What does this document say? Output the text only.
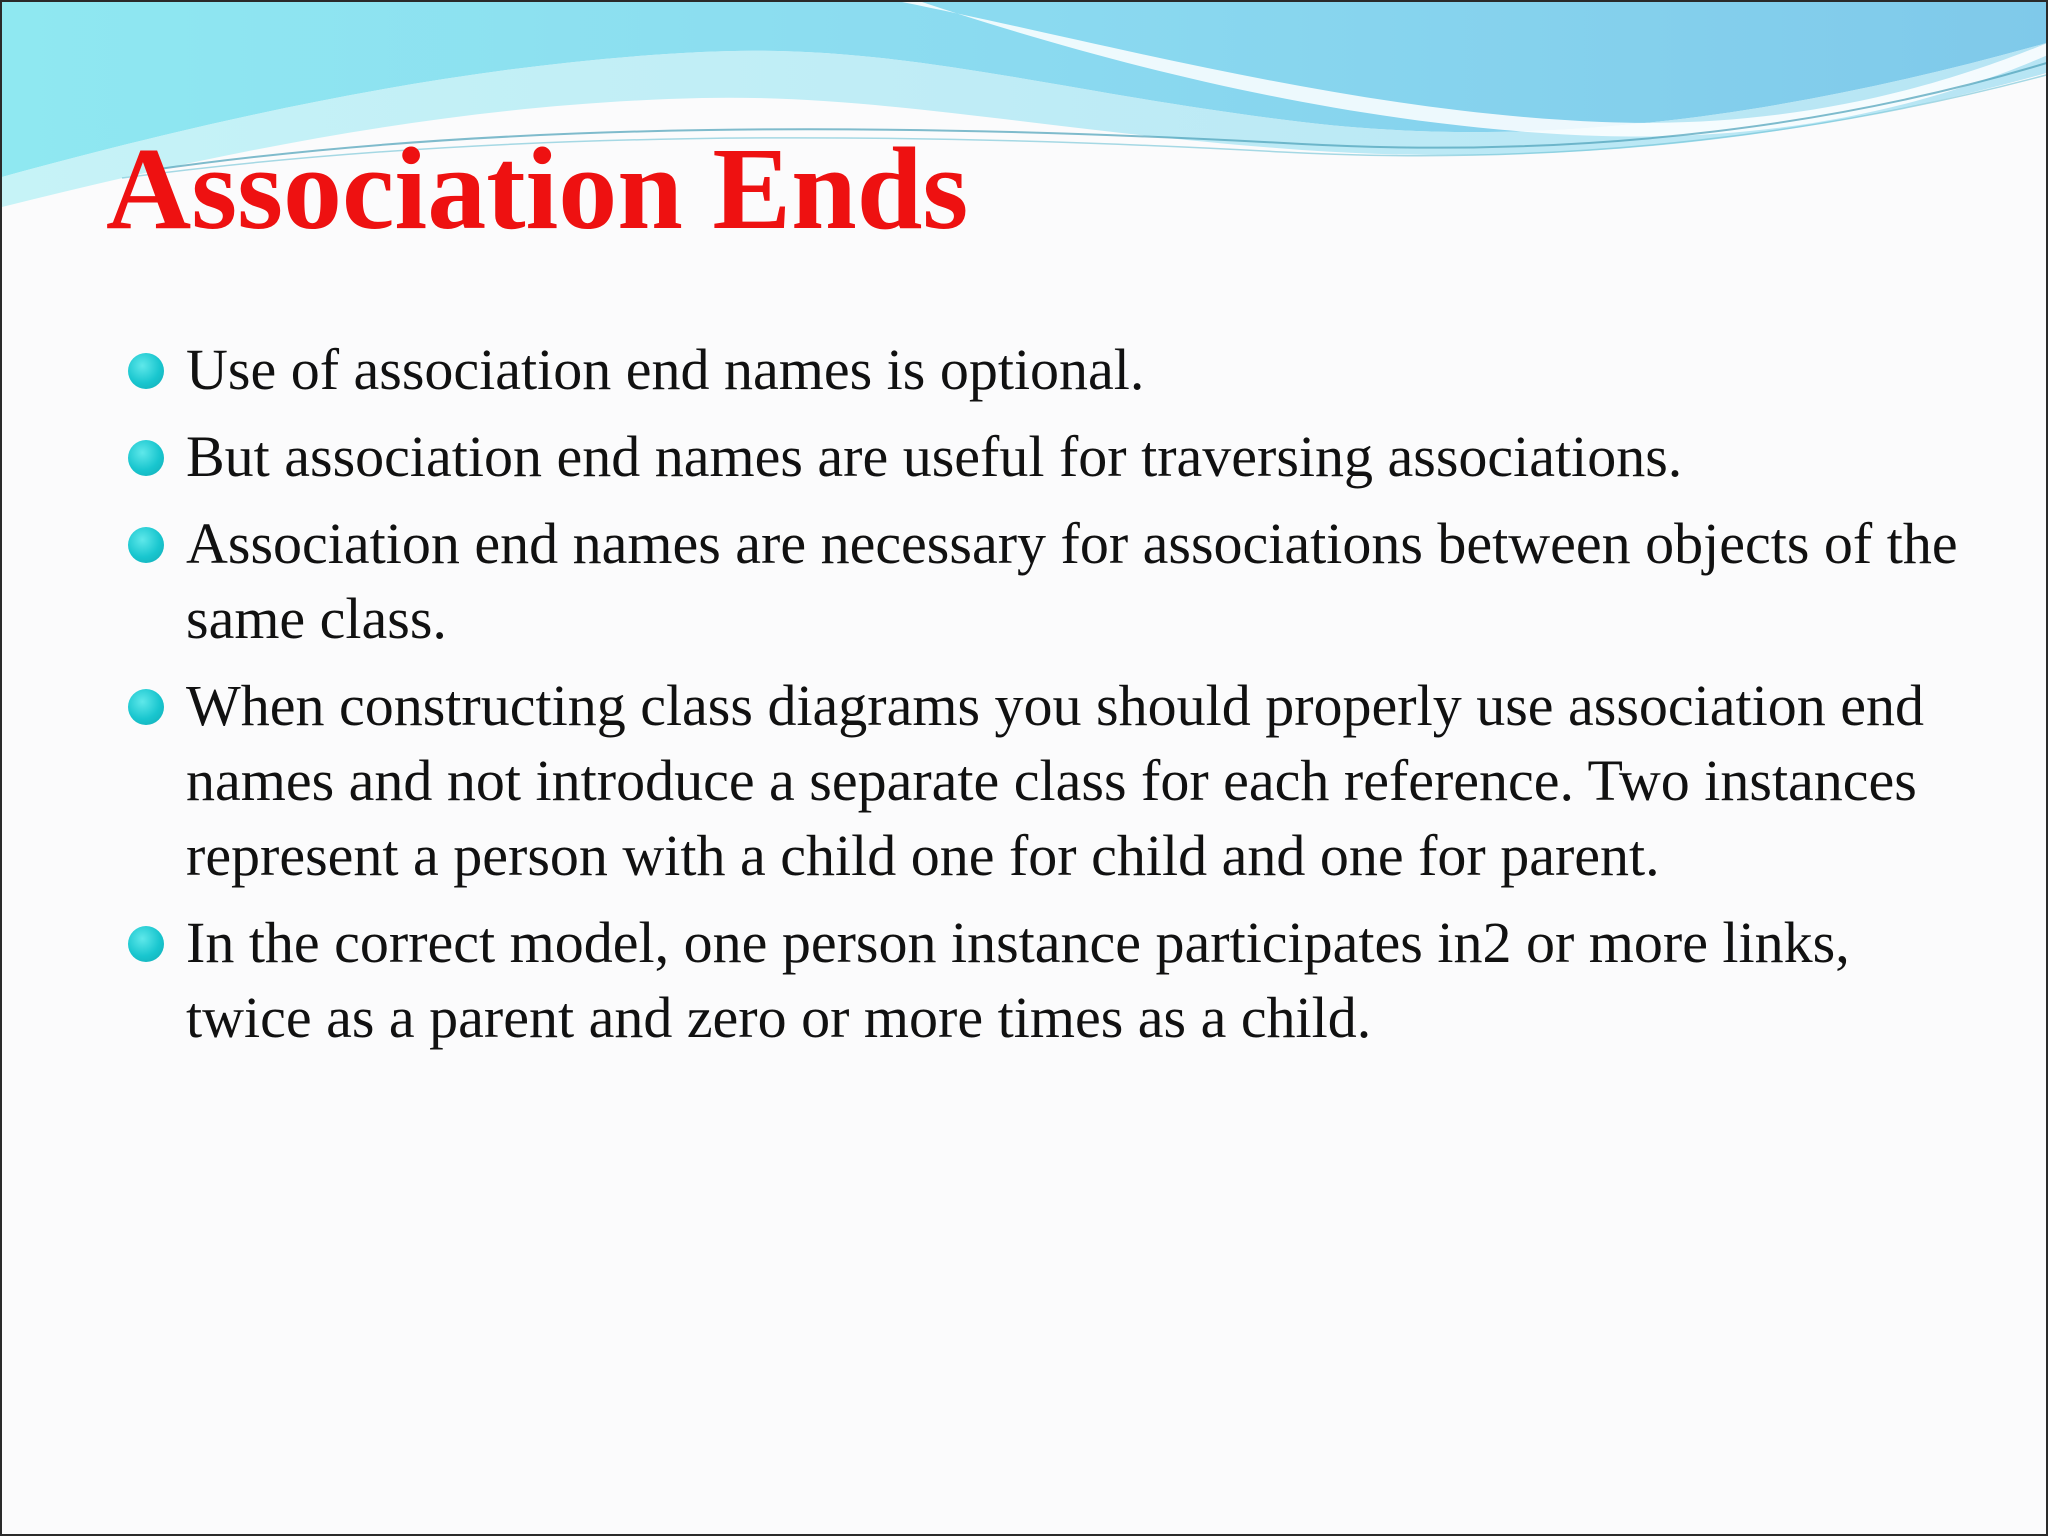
Association Ends
Use of association end names is optional.
But association end names are useful for traversing associations.
Association end names are necessary for associations between objects of the same class.
When constructing class diagrams you should properly use association end names and not introduce a separate class for each reference. Two instances represent a person with a child one for child and one for parent.
In the correct model, one person instance participates in2 or more links, twice as a parent and zero or more times as a child.
